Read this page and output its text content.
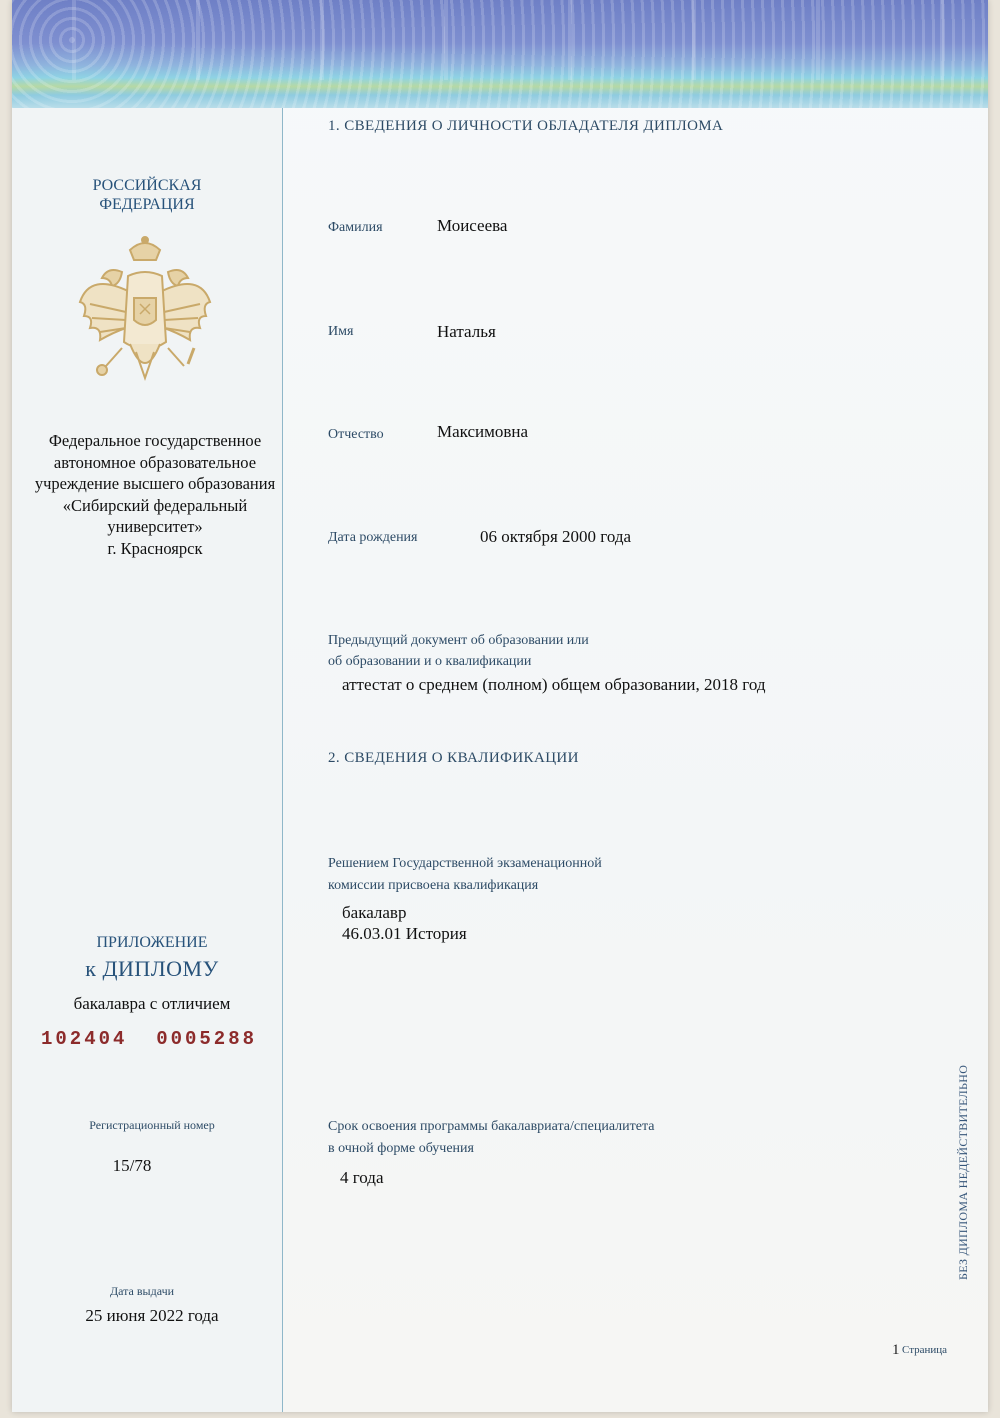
РОССИЙСКАЯ
ФЕДЕРАЦИЯ
Федеральное государственное
автономное образовательное
учреждение высшего образования
«Сибирский федеральный
университет»
г. Красноярск
ПРИЛОЖЕНИЕ
к ДИПЛОМУ
бакалавра с отличием
102404  0005288
Регистрационный номер
15/78
Дата выдачи
25 июня 2022 года
1. СВЕДЕНИЯ О ЛИЧНОСТИ ОБЛАДАТЕЛЯ ДИПЛОМА
Фамилия	Моисеева
Имя	Наталья
Отчество	Максимовна
Дата рождения	06 октября 2000 года
Предыдущий документ об образовании или
об образовании и о квалификации
аттестат о среднем (полном) общем образовании, 2018 год
2. СВЕДЕНИЯ О КВАЛИФИКАЦИИ
Решением Государственной экзаменационной
комиссии присвоена квалификация
бакалавр
46.03.01 История
Срок освоения программы бакалавриата/специалитета
в очной форме обучения
4 года
1 Страница
БЕЗ ДИПЛОМА НЕДЕЙСТВИТЕЛЬНО
